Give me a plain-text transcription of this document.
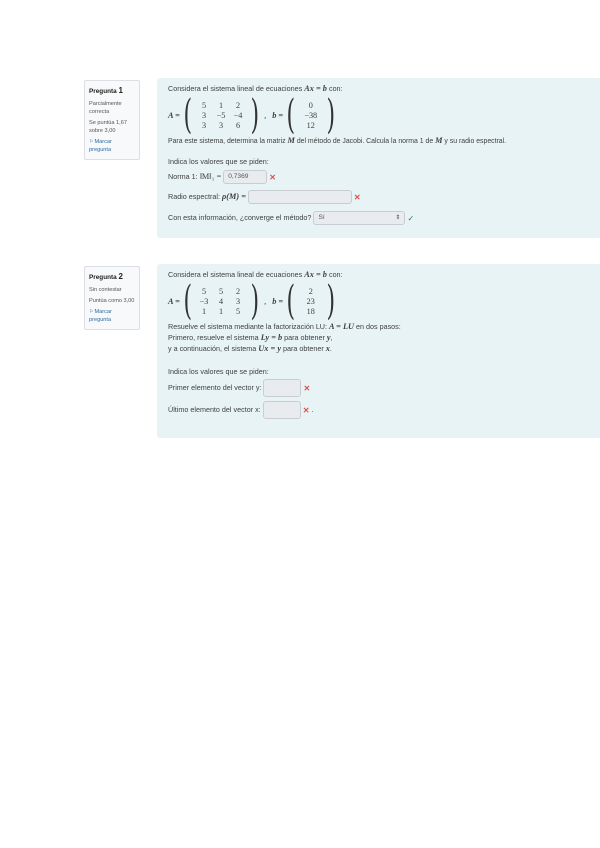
Pregunta 1
Parcialmente correcta
Se puntúa 1,67 sobre 3,00
⚐Marcar pregunta
Considera el sistema lineal de ecuaciones Ax = b con:
A = (	5	1	2
3	−5	−4
3	3	6 ) , b = (	0
−38
12 )
Para este sistema, determina la matriz M del método de Jacobi. Calcula la norma 1 de M y su radio espectral.
Indica los valores que se piden:
Norma 1: ‖M‖₁ = 0,7369	✕
Radio espectral: ρ(M) =	✕
Con esta información, ¿converge el método? Sí	⇕ ✓
Pregunta 2
Sin contestar
Puntúa como 3,00
⚐Marcar pregunta
Considera el sistema lineal de ecuaciones Ax = b con:
A = (	5	5	2
−3	4	3
1	1	5 ) , b = (	2
23
18 )
Resuelve el sistema mediante la factorización LU: A = LU en dos pasos:
Primero, resuelve el sistema Ly = b para obtener y,
y a continuación, el sistema Ux = y para obtener x.
Indica los valores que se piden:
Primer elemento del vector y:	✕
Último elemento del vector x:	✕ .
